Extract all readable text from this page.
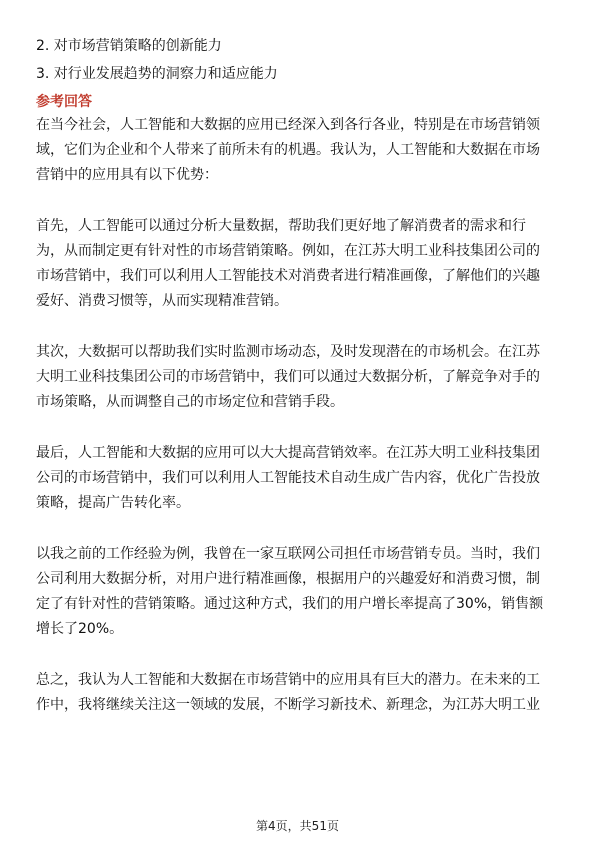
2. 对市场营销策略的创新能力
3. 对行业发展趋势的洞察力和适应能力
参考回答
在当今社会，人工智能和大数据的应用已经深入到各行各业，特别是在市场营销领
域，它们为企业和个人带来了前所未有的机遇。我认为，人工智能和大数据在市场
营销中的应用具有以下优势：
首先，人工智能可以通过分析大量数据，帮助我们更好地了解消费者的需求和行
为，从而制定更有针对性的市场营销策略。例如，在江苏大明工业科技集团公司的
市场营销中，我们可以利用人工智能技术对消费者进行精准画像，了解他们的兴趣
爱好、消费习惯等，从而实现精准营销。
其次，大数据可以帮助我们实时监测市场动态，及时发现潜在的市场机会。在江苏
大明工业科技集团公司的市场营销中，我们可以通过大数据分析，了解竞争对手的
市场策略，从而调整自己的市场定位和营销手段。
最后，人工智能和大数据的应用可以大大提高营销效率。在江苏大明工业科技集团
公司的市场营销中，我们可以利用人工智能技术自动生成广告内容，优化广告投放
策略，提高广告转化率。
以我之前的工作经验为例，我曾在一家互联网公司担任市场营销专员。当时，我们
公司利用大数据分析，对用户进行精准画像，根据用户的兴趣爱好和消费习惯，制
定了有针对性的营销策略。通过这种方式，我们的用户增长率提高了30%，销售额
增长了20%。
总之，我认为人工智能和大数据在市场营销中的应用具有巨大的潜力。在未来的工
作中，我将继续关注这一领域的发展，不断学习新技术、新理念，为江苏大明工业
第4页，共51页
